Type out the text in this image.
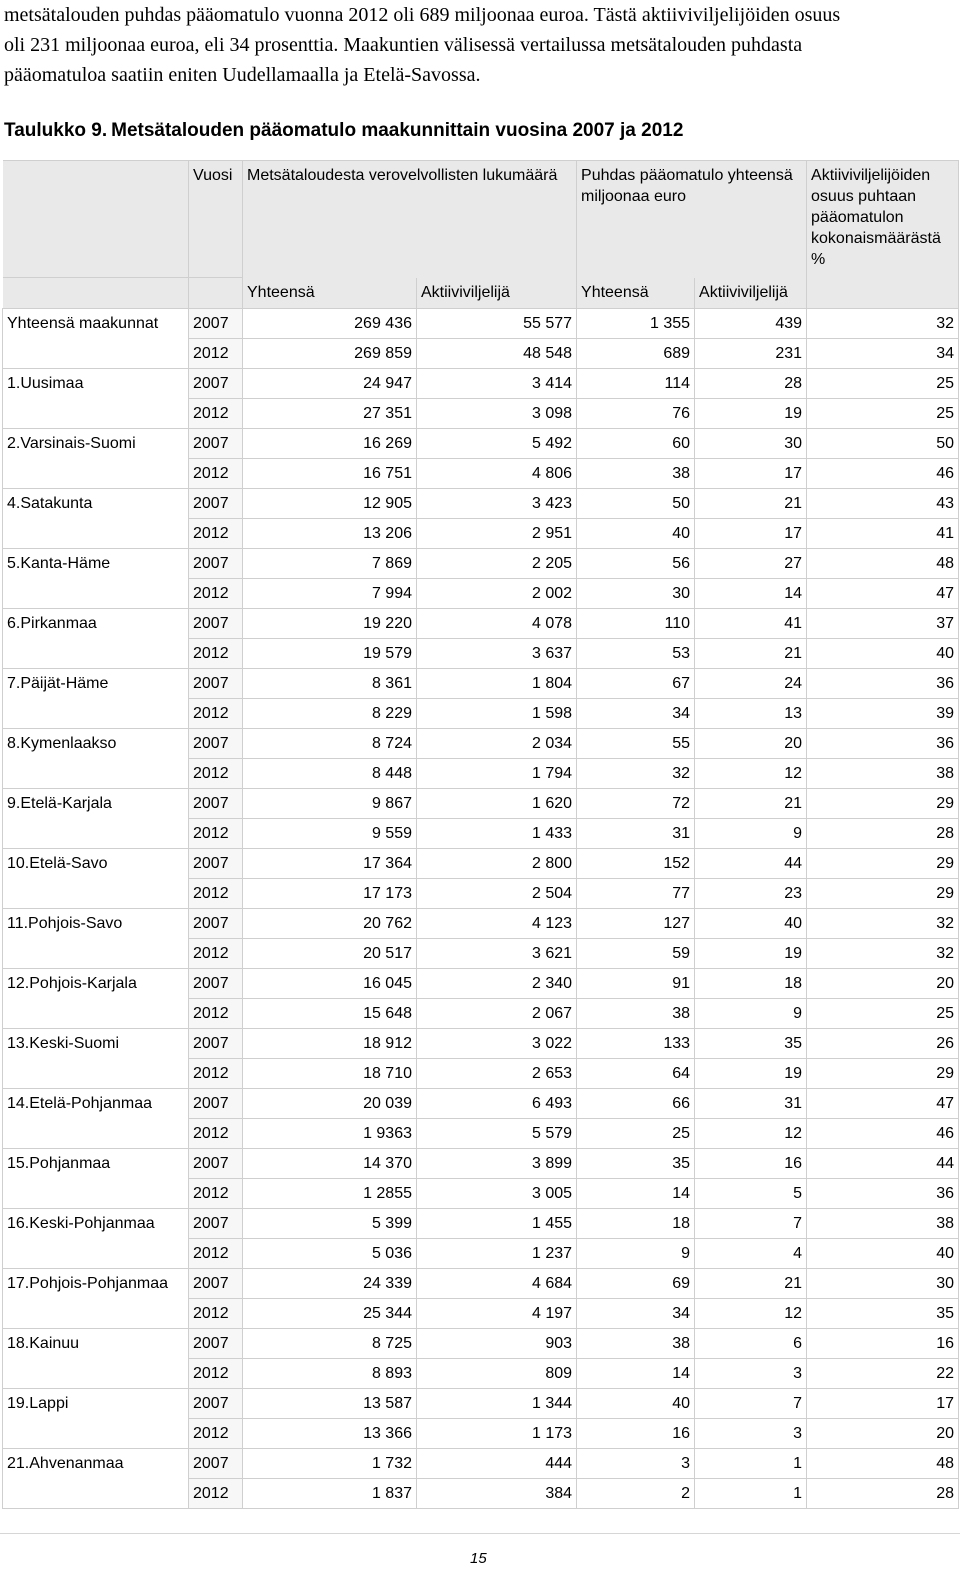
metsätalouden puhdas pääomatulo vuonna 2012 oli 689 miljoonaa euroa. Tästä aktiiviviljelijöiden osuus

oli 231 miljoonaa euroa, eli 34 prosenttia. Maakuntien välisessä vertailussa metsätalouden puhdasta

pääomatuloa saatiin eniten Uudellamaalla ja Etelä-Savossa.

Taulukko 9. Metsätalouden pääomatulo maakunnittain vuosina 2007 ja 2012
	Vuosi	Metsätaloudesta verovelvollisten lukumäärä		Puhdas pääomatulo yhteensä miljoonaa euro		Aktiiviviljelijöiden osuus puhtaan pääomatulon kokonaismäärästä %
		Yhteensä	Aktiiviviljelijä	Yhteensä	Aktiiviviljelijä	
Yhteensä maakunnat	2007	269 436	55 577	1 355	439	32
	2012	269 859	48 548	689	231	34
1.Uusimaa	2007	24 947	3 414	114	28	25
	2012	27 351	3 098	76	19	25
2.Varsinais-Suomi	2007	16 269	5 492	60	30	50
	2012	16 751	4 806	38	17	46
4.Satakunta	2007	12 905	3 423	50	21	43
	2012	13 206	2 951	40	17	41
5.Kanta-Häme	2007	7 869	2 205	56	27	48
	2012	7 994	2 002	30	14	47
6.Pirkanmaa	2007	19 220	4 078	110	41	37
	2012	19 579	3 637	53	21	40
7.Päijät-Häme	2007	8 361	1 804	67	24	36
	2012	8 229	1 598	34	13	39
8.Kymenlaakso	2007	8 724	2 034	55	20	36
	2012	8 448	1 794	32	12	38
9.Etelä-Karjala	2007	9 867	1 620	72	21	29
	2012	9 559	1 433	31	9	28
10.Etelä-Savo	2007	17 364	2 800	152	44	29
	2012	17 173	2 504	77	23	29
11.Pohjois-Savo	2007	20 762	4 123	127	40	32
	2012	20 517	3 621	59	19	32
12.Pohjois-Karjala	2007	16 045	2 340	91	18	20
	2012	15 648	2 067	38	9	25
13.Keski-Suomi	2007	18 912	3 022	133	35	26
	2012	18 710	2 653	64	19	29
14.Etelä-Pohjanmaa	2007	20 039	6 493	66	31	47
	2012	1 9363	5 579	25	12	46
15.Pohjanmaa	2007	14 370	3 899	35	16	44
	2012	1 2855	3 005	14	5	36
16.Keski-Pohjanmaa	2007	5 399	1 455	18	7	38
	2012	5 036	1 237	9	4	40
17.Pohjois-Pohjanmaa	2007	24 339	4 684	69	21	30
	2012	25 344	4 197	34	12	35
18.Kainuu	2007	8 725	903	38	6	16
	2012	8 893	809	14	3	22
19.Lappi	2007	13 587	1 344	40	7	17
	2012	13 366	1 173	16	3	20
21.Ahvenanmaa	2007	1 732	444	3	1	48
	2012	1 837	384	2	1	28
15
